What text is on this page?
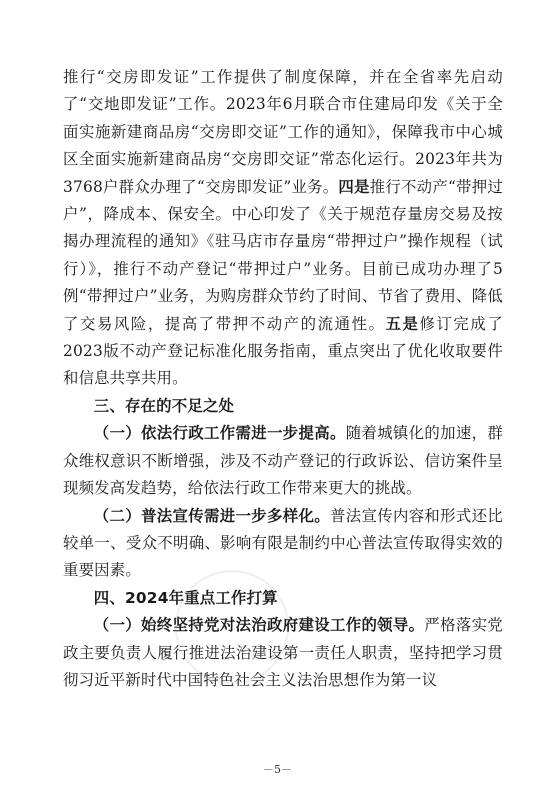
推行“交房即发证”工作提供了制度保障，并在全省率先启动了“交地即发证”工作。2023年6月联合市住建局印发《关于全面实施新建商品房“交房即交证”工作的通知》，保障我市中心城区全面实施新建商品房“交房即交证”常态化运行。2023年共为3768户群众办理了“交房即发证”业务。四是推行不动产“带押过户”，降成本、保安全。中心印发了《关于规范存量房交易及按揭办理流程的通知》《驻马店市存量房“带押过户”操作规程（试行）》，推行不动产登记“带押过户”业务。目前已成功办理了5例“带押过户”业务，为购房群众节约了时间、节省了费用、降低了交易风险，提高了带押不动产的流通性。五是修订完成了2023版不动产登记标准化服务指南，重点突出了优化收取要件和信息共享共用。

三、存在的不足之处

（一）依法行政工作需进一步提高。随着城镇化的加速，群众维权意识不断增强，涉及不动产登记的行政诉讼、信访案件呈现频发高发趋势，给依法行政工作带来更大的挑战。

（二）普法宣传需进一步多样化。普法宣传内容和形式还比较单一、受众不明确、影响有限是制约中心普法宣传取得实效的重要因素。

四、2024年重点工作打算

（一）始终坚持党对法治政府建设工作的领导。严格落实党政主要负责人履行推进法治建设第一责任人职责，坚持把学习贯彻习近平新时代中国特色社会主义法治思想作为第一议

－5－
